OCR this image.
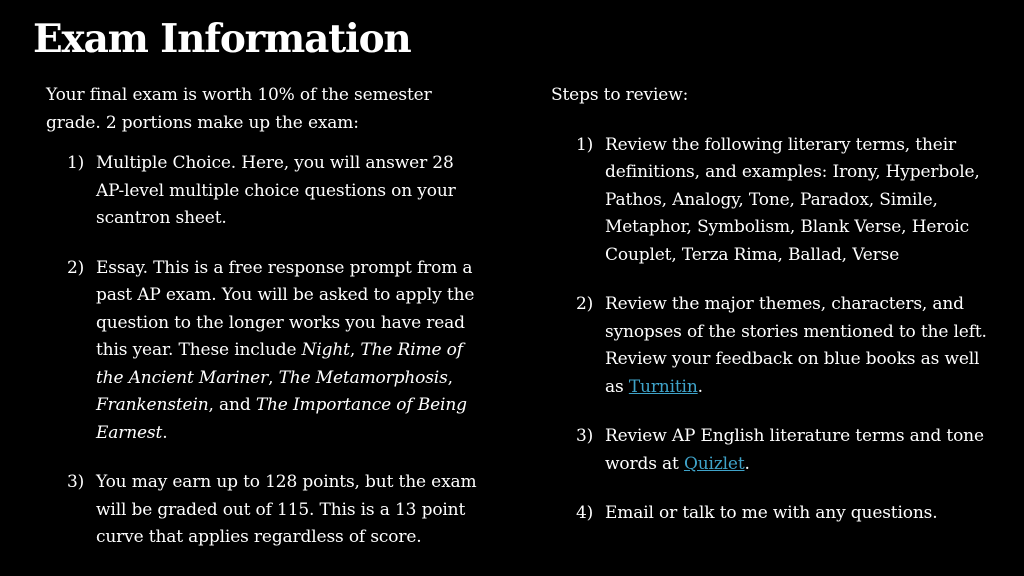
Exam Information

Your final exam is worth 10% of the semester grade. 2 portions make up the exam:

1) Multiple Choice. Here, you will answer 28 AP-level multiple choice questions on your scantron sheet.
2) Essay. This is a free response prompt from a past AP exam. You will be asked to apply the question to the longer works you have read this year. These include Night, The Rime of the Ancient Mariner, The Metamorphosis, Frankenstein, and The Importance of Being Earnest.
3) You may earn up to 128 points, but the exam will be graded out of 115. This is a 13 point curve that applies regardless of score.

Steps to review:

1) Review the following literary terms, their definitions, and examples: Irony, Hyperbole, Pathos, Analogy, Tone, Paradox, Simile, Metaphor, Symbolism, Blank Verse, Heroic Couplet, Terza Rima, Ballad, Verse
2) Review the major themes, characters, and synopses of the stories mentioned to the left. Review your feedback on blue books as well as Turnitin.
3) Review AP English literature terms and tone words at Quizlet.
4) Email or talk to me with any questions.
